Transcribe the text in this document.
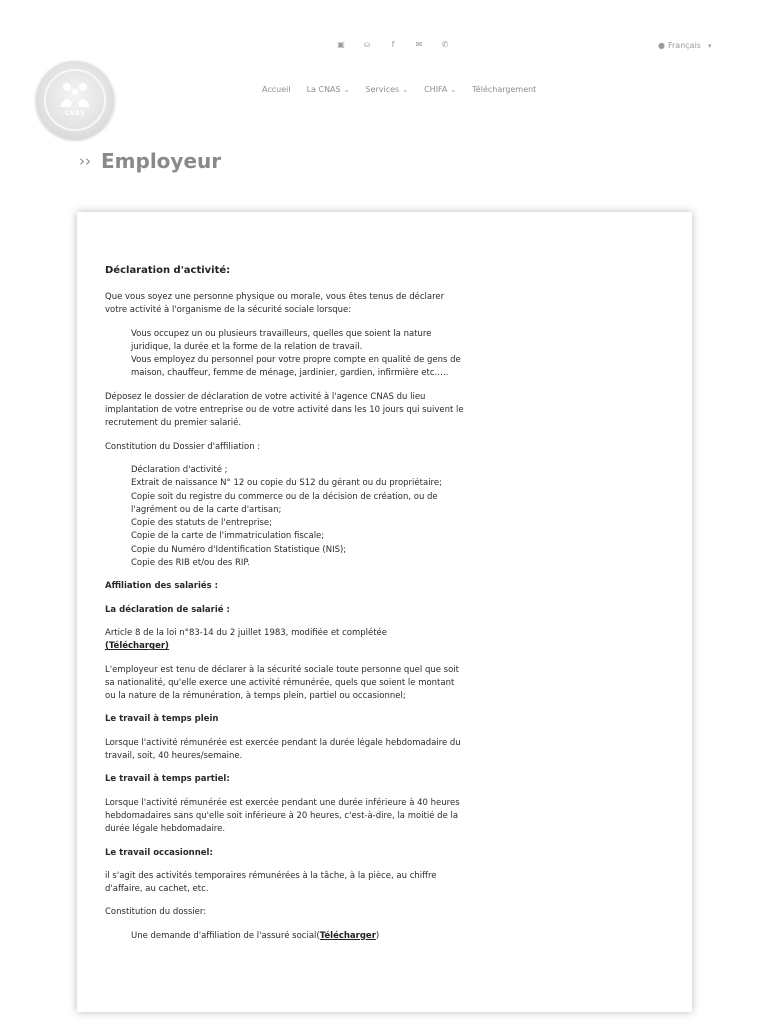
▣	⛀	f	✉	✆	● Français ▾
CNAS
Accueil La CNAS ⌄ Services ⌄ CHIFA ⌄ Téléchargement
›› Employeur
Déclaration d'activité:

Que vous soyez une personne physique ou morale, vous êtes tenus de déclarer votre activité à l'organisme de la sécurité sociale lorsque:

Vous occupez un ou plusieurs travailleurs, quelles que soient la nature juridique, la durée et la forme de la relation de travail.
Vous employez du personnel pour votre propre compte en qualité de gens de maison, chauffeur, femme de ménage, jardinier, gardien, infirmière etc.….

Déposez le dossier de déclaration de votre activité à l'agence CNAS du lieu implantation de votre entreprise ou de votre activité dans les 10 jours qui suivent le recrutement du premier salarié.

Constitution du Dossier d'affiliation :

Déclaration d'activité ;
Extrait de naissance N° 12 ou copie du S12 du gérant ou du propriétaire;
Copie soit du registre du commerce ou de la décision de création, ou de l'agrément ou de la carte d'artisan;
Copie des statuts de l'entreprise;
Copie de la carte de l'immatriculation fiscale;
Copie du Numéro d'Identification Statistique (NIS);
Copie des RIB et/ou des RIP.

Affiliation des salariés :

La déclaration de salarié :

Article 8 de la loi n°83-14 du 2 juillet 1983, modifiée et complétée
(Télécharger)

L'employeur est tenu de déclarer à la sécurité sociale toute personne quel que soit sa nationalité, qu'elle exerce une activité rémunérée, quels que soient le montant ou la nature de la rémunération, à temps plein, partiel ou occasionnel;

Le travail à temps plein

Lorsque l'activité rémunérée est exercée pendant la durée légale hebdomadaire du travail, soit, 40 heures/semaine.

Le travail à temps partiel:

Lorsque l'activité rémunérée est exercée pendant une durée inférieure à 40 heures hebdomadaires sans qu'elle soit inférieure à 20 heures, c'est-à-dire, la moitié de la durée légale hebdomadaire.

Le travail occasionnel:

il s'agit des activités temporaires rémunérées à la tâche, à la pièce, au chiffre d'affaire, au cachet, etc.

Constitution du dossier:

Une demande d'affiliation de l'assuré social(Télécharger)
